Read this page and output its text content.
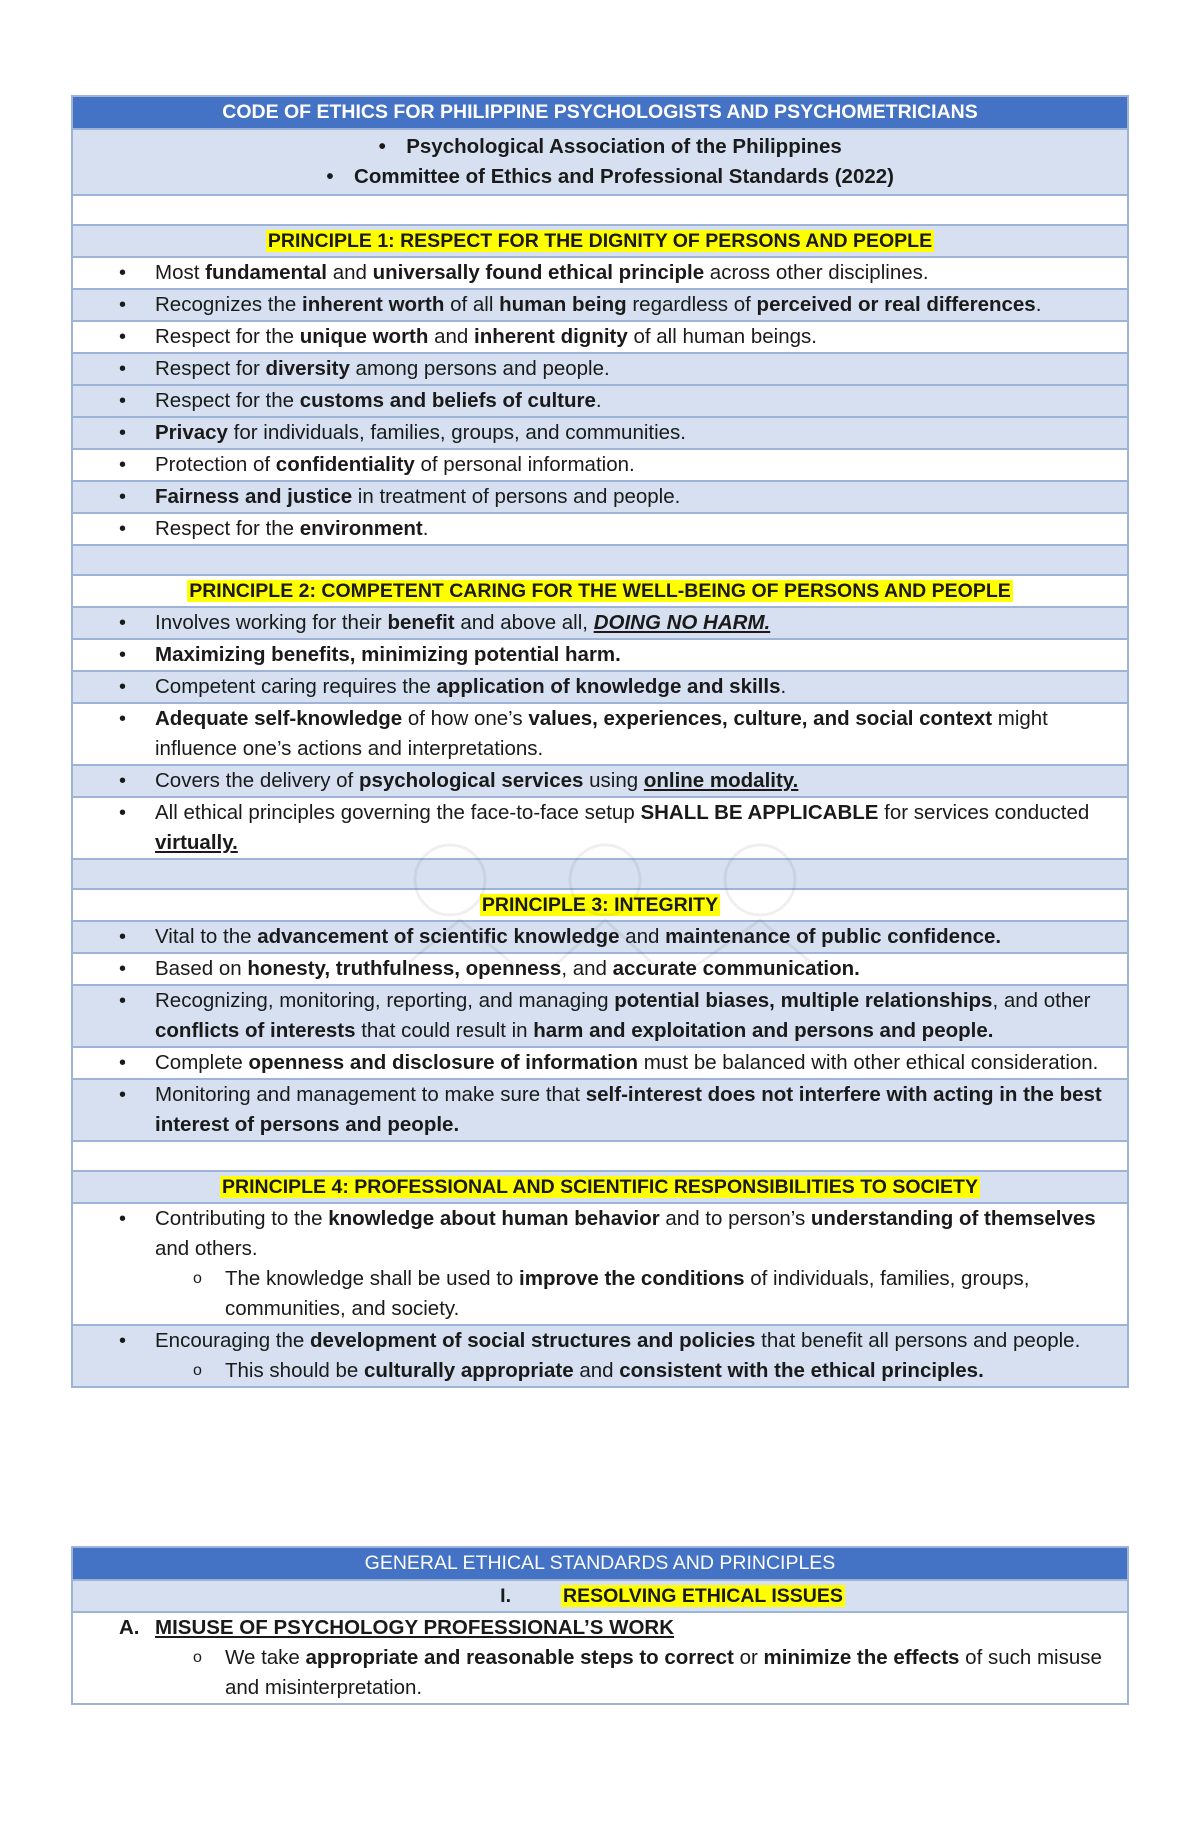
CODE OF ETHICS FOR PHILIPPINE PSYCHOLOGISTS AND PSYCHOMETRICIANS

• Psychological Association of the Philippines
• Committee of Ethics and Professional Standards (2022)

PRINCIPLE 1: RESPECT FOR THE DIGNITY OF PERSONS AND PEOPLE

• Most fundamental and universally found ethical principle across other disciplines.

• Recognizes the inherent worth of all human being regardless of perceived or real differences.

• Respect for the unique worth and inherent dignity of all human beings.

• Respect for diversity among persons and people.

• Respect for the customs and beliefs of culture.

• Privacy for individuals, families, groups, and communities.

• Protection of confidentiality of personal information.

• Fairness and justice in treatment of persons and people.

• Respect for the environment.

PRINCIPLE 2: COMPETENT CARING FOR THE WELL-BEING OF PERSONS AND PEOPLE

• Involves working for their benefit and above all, DOING NO HARM.

• Maximizing benefits, minimizing potential harm.

• Competent caring requires the application of knowledge and skills.

• Adequate self-knowledge of how one’s values, experiences, culture, and social context might influence one’s actions and interpretations.

• Covers the delivery of psychological services using online modality.

• All ethical principles governing the face-to-face setup SHALL BE APPLICABLE for services conducted virtually.

PRINCIPLE 3: INTEGRITY

• Vital to the advancement of scientific knowledge and maintenance of public confidence.

• Based on honesty, truthfulness, openness, and accurate communication.

• Recognizing, monitoring, reporting, and managing potential biases, multiple relationships, and other conflicts of interests that could result in harm and exploitation and persons and people.

• Complete openness and disclosure of information must be balanced with other ethical consideration.

• Monitoring and management to make sure that self-interest does not interfere with acting in the best interest of persons and people.

PRINCIPLE 4: PROFESSIONAL AND SCIENTIFIC RESPONSIBILITIES TO SOCIETY

• Contributing to the knowledge about human behavior and to person’s understanding of themselves and others.
o The knowledge shall be used to improve the conditions of individuals, families, groups, communities, and society.

• Encouraging the development of social structures and policies that benefit all persons and people.
o This should be culturally appropriate and consistent with the ethical principles.
GENERAL ETHICAL STANDARDS AND PRINCIPLES
I.	RESOLVING ETHICAL ISSUES

A. MISUSE OF PSYCHOLOGY PROFESSIONAL’S WORK
o We take appropriate and reasonable steps to correct or minimize the effects of such misuse and misinterpretation.
